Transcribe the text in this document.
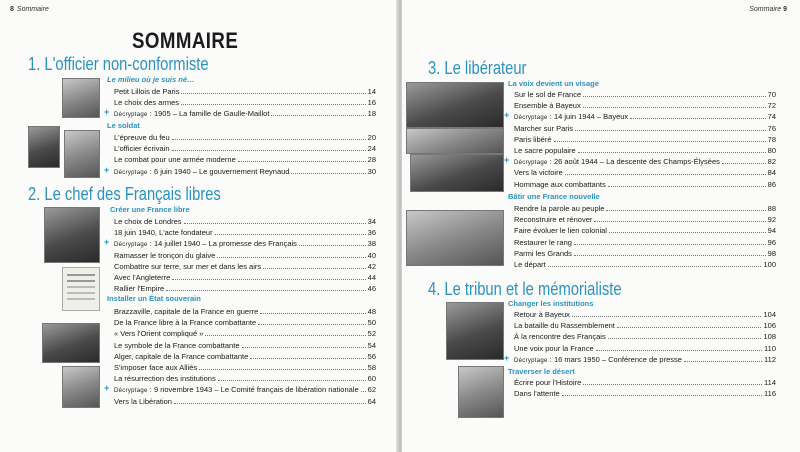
8 Sommaire
SOMMAIRE
1. L'officier non-conformiste
Le milieu où je suis né…
Le soldat
2. Le chef des Français libres
Créer une France libre
Installer un État souverain
Petit Lillois de Paris	14
Le choix des armes	16
+ Décryptage : 1905 – La famille de Gaulle-Maillot	18
L'épreuve du feu	20
L'officier écrivain	24
Le combat pour une armée moderne	28
+ Décryptage : 6 juin 1940 – Le gouvernement Reynaud	30
Le choix de Londres	34
18 juin 1940, L'acte fondateur	36
+ Décryptage : 14 juillet 1940 – La promesse des Français	38
Ramasser le tronçon du glaive	40
Combattre sur terre, sur mer et dans les airs	42
Avec l'Angleterre	44
Rallier l'Empire	46
Brazzaville, capitale de la France en guerre	48
De la France libre à la France combattante	50
« Vers l'Orient compliqué »	52
Le symbole de la France combattante	54
Alger, capitale de la France combattante	56
S'imposer face aux Alliés	58
La résurrection des institutions	60
+ Décryptage : 9 novembre 1943 – Le Comité français de libération nationale 62
Vers la Libération	64
Sommaire 9
3. Le libérateur
La voix devient un visage
Bâtir une France nouvelle
4. Le tribun et le mémorialiste
Changer les institutions
Traverser le désert
Sur le sol de France	70
Ensemble à Bayeux	72
+ Décryptage : 14 juin 1944 – Bayeux	74
Marcher sur Paris	76
Paris libéré	78
Le sacre populaire	80
+ Décryptage : 26 août 1944 – La descente des Champs-Élysées	82
Vers la victoire	84
Hommage aux combattants	86
Rendre la parole au peuple	88
Reconstruire et rénover	92
Faire évoluer le lien colonial	94
Restaurer le rang	96
Parmi les Grands	98
Le départ	100
Retour à Bayeux	104
La bataille du Rassemblement	106
À la rencontre des Français	108
Une voix pour la France	110
+ Décryptage : 16 mars 1950 – Conférence de presse	112
Écrire pour l'Histoire	114
Dans l'attente	116
